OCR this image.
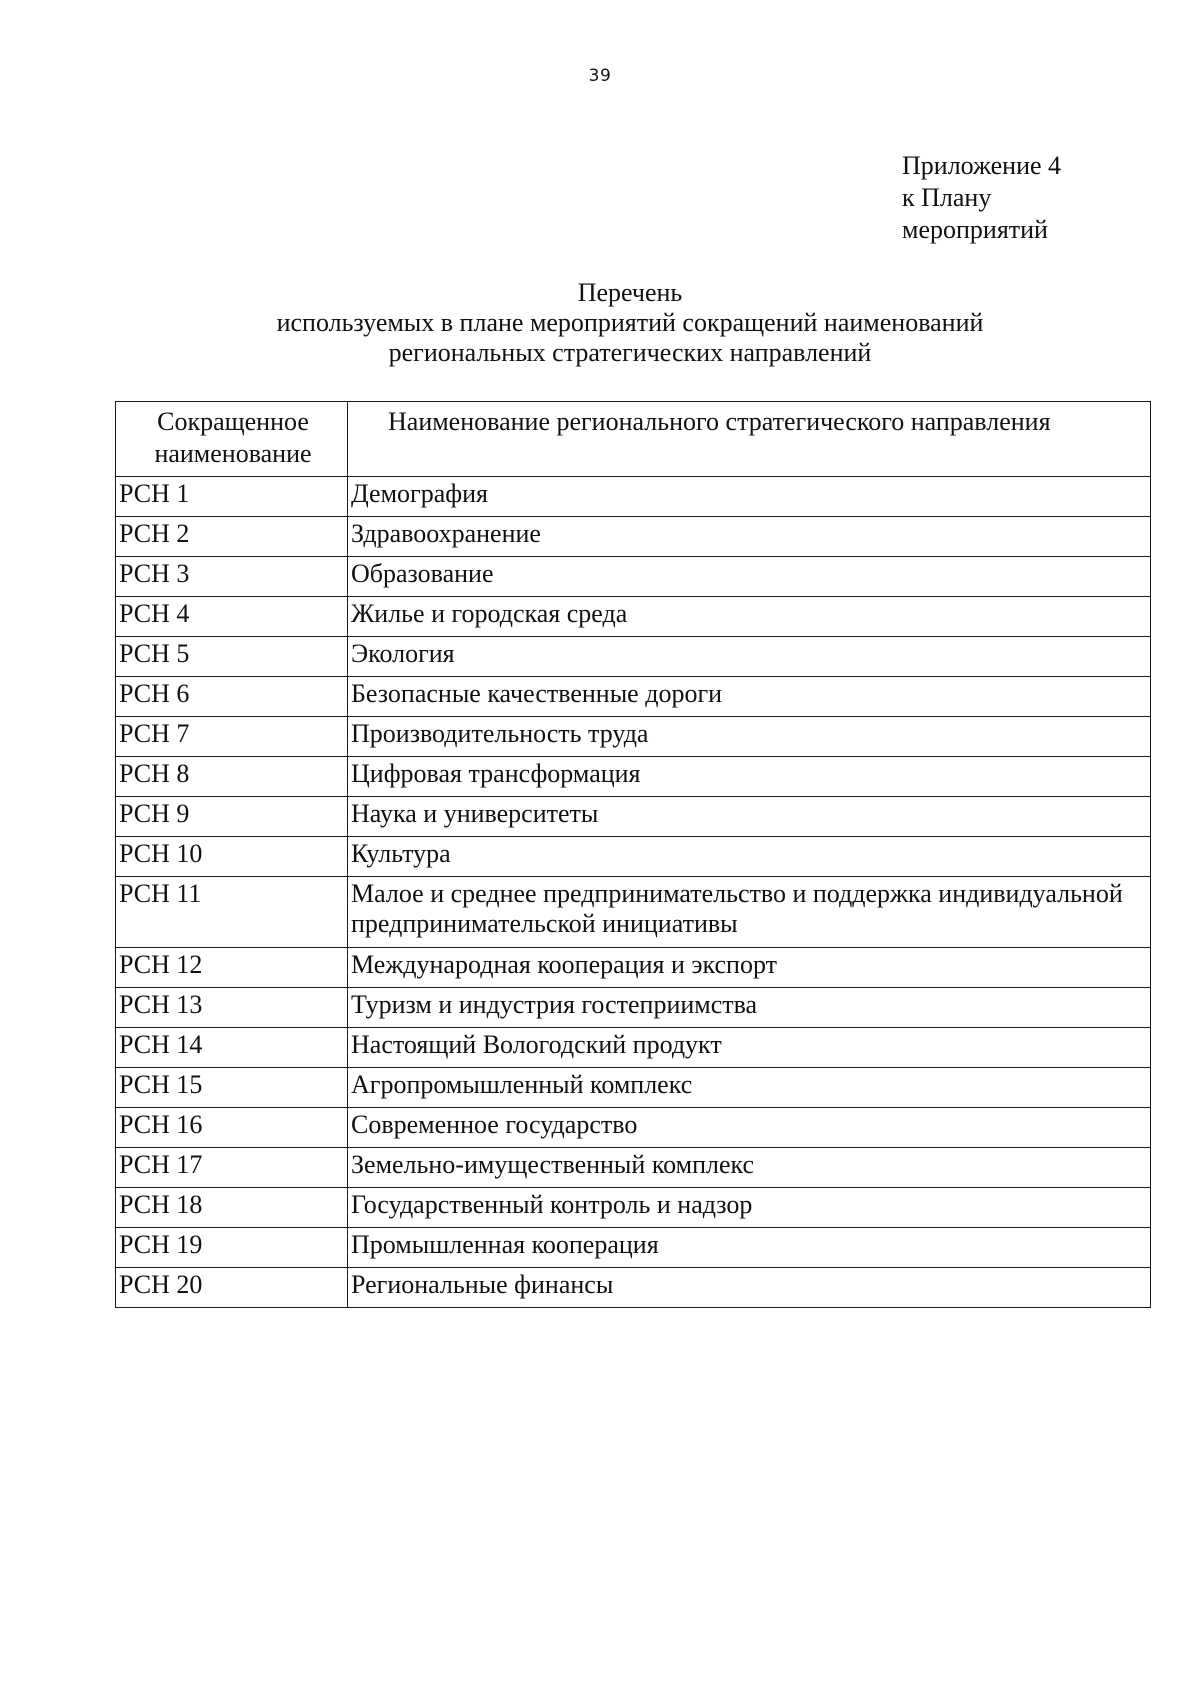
39
Приложение 4
к Плану
мероприятий
Перечень
используемых в плане мероприятий сокращений наименований
региональных стратегических направлений
Сокращенное наименование	Наименование регионального стратегического направления
РСН 1	Демография
РСН 2	Здравоохранение
РСН 3	Образование
РСН 4	Жилье и городская среда
РСН 5	Экология
РСН 6	Безопасные качественные дороги
РСН 7	Производительность труда
РСН 8	Цифровая трансформация
РСН 9	Наука и университеты
РСН 10	Культура
РСН 11	Малое и среднее предпринимательство и поддержка индивидуальной предпринимательской инициативы
РСН 12	Международная кооперация и экспорт
РСН 13	Туризм и индустрия гостеприимства
РСН 14	Настоящий Вологодский продукт
РСН 15	Агропромышленный комплекс
РСН 16	Современное государство
РСН 17	Земельно-имущественный комплекс
РСН 18	Государственный контроль и надзор
РСН 19	Промышленная кооперация
РСН 20	Региональные финансы
